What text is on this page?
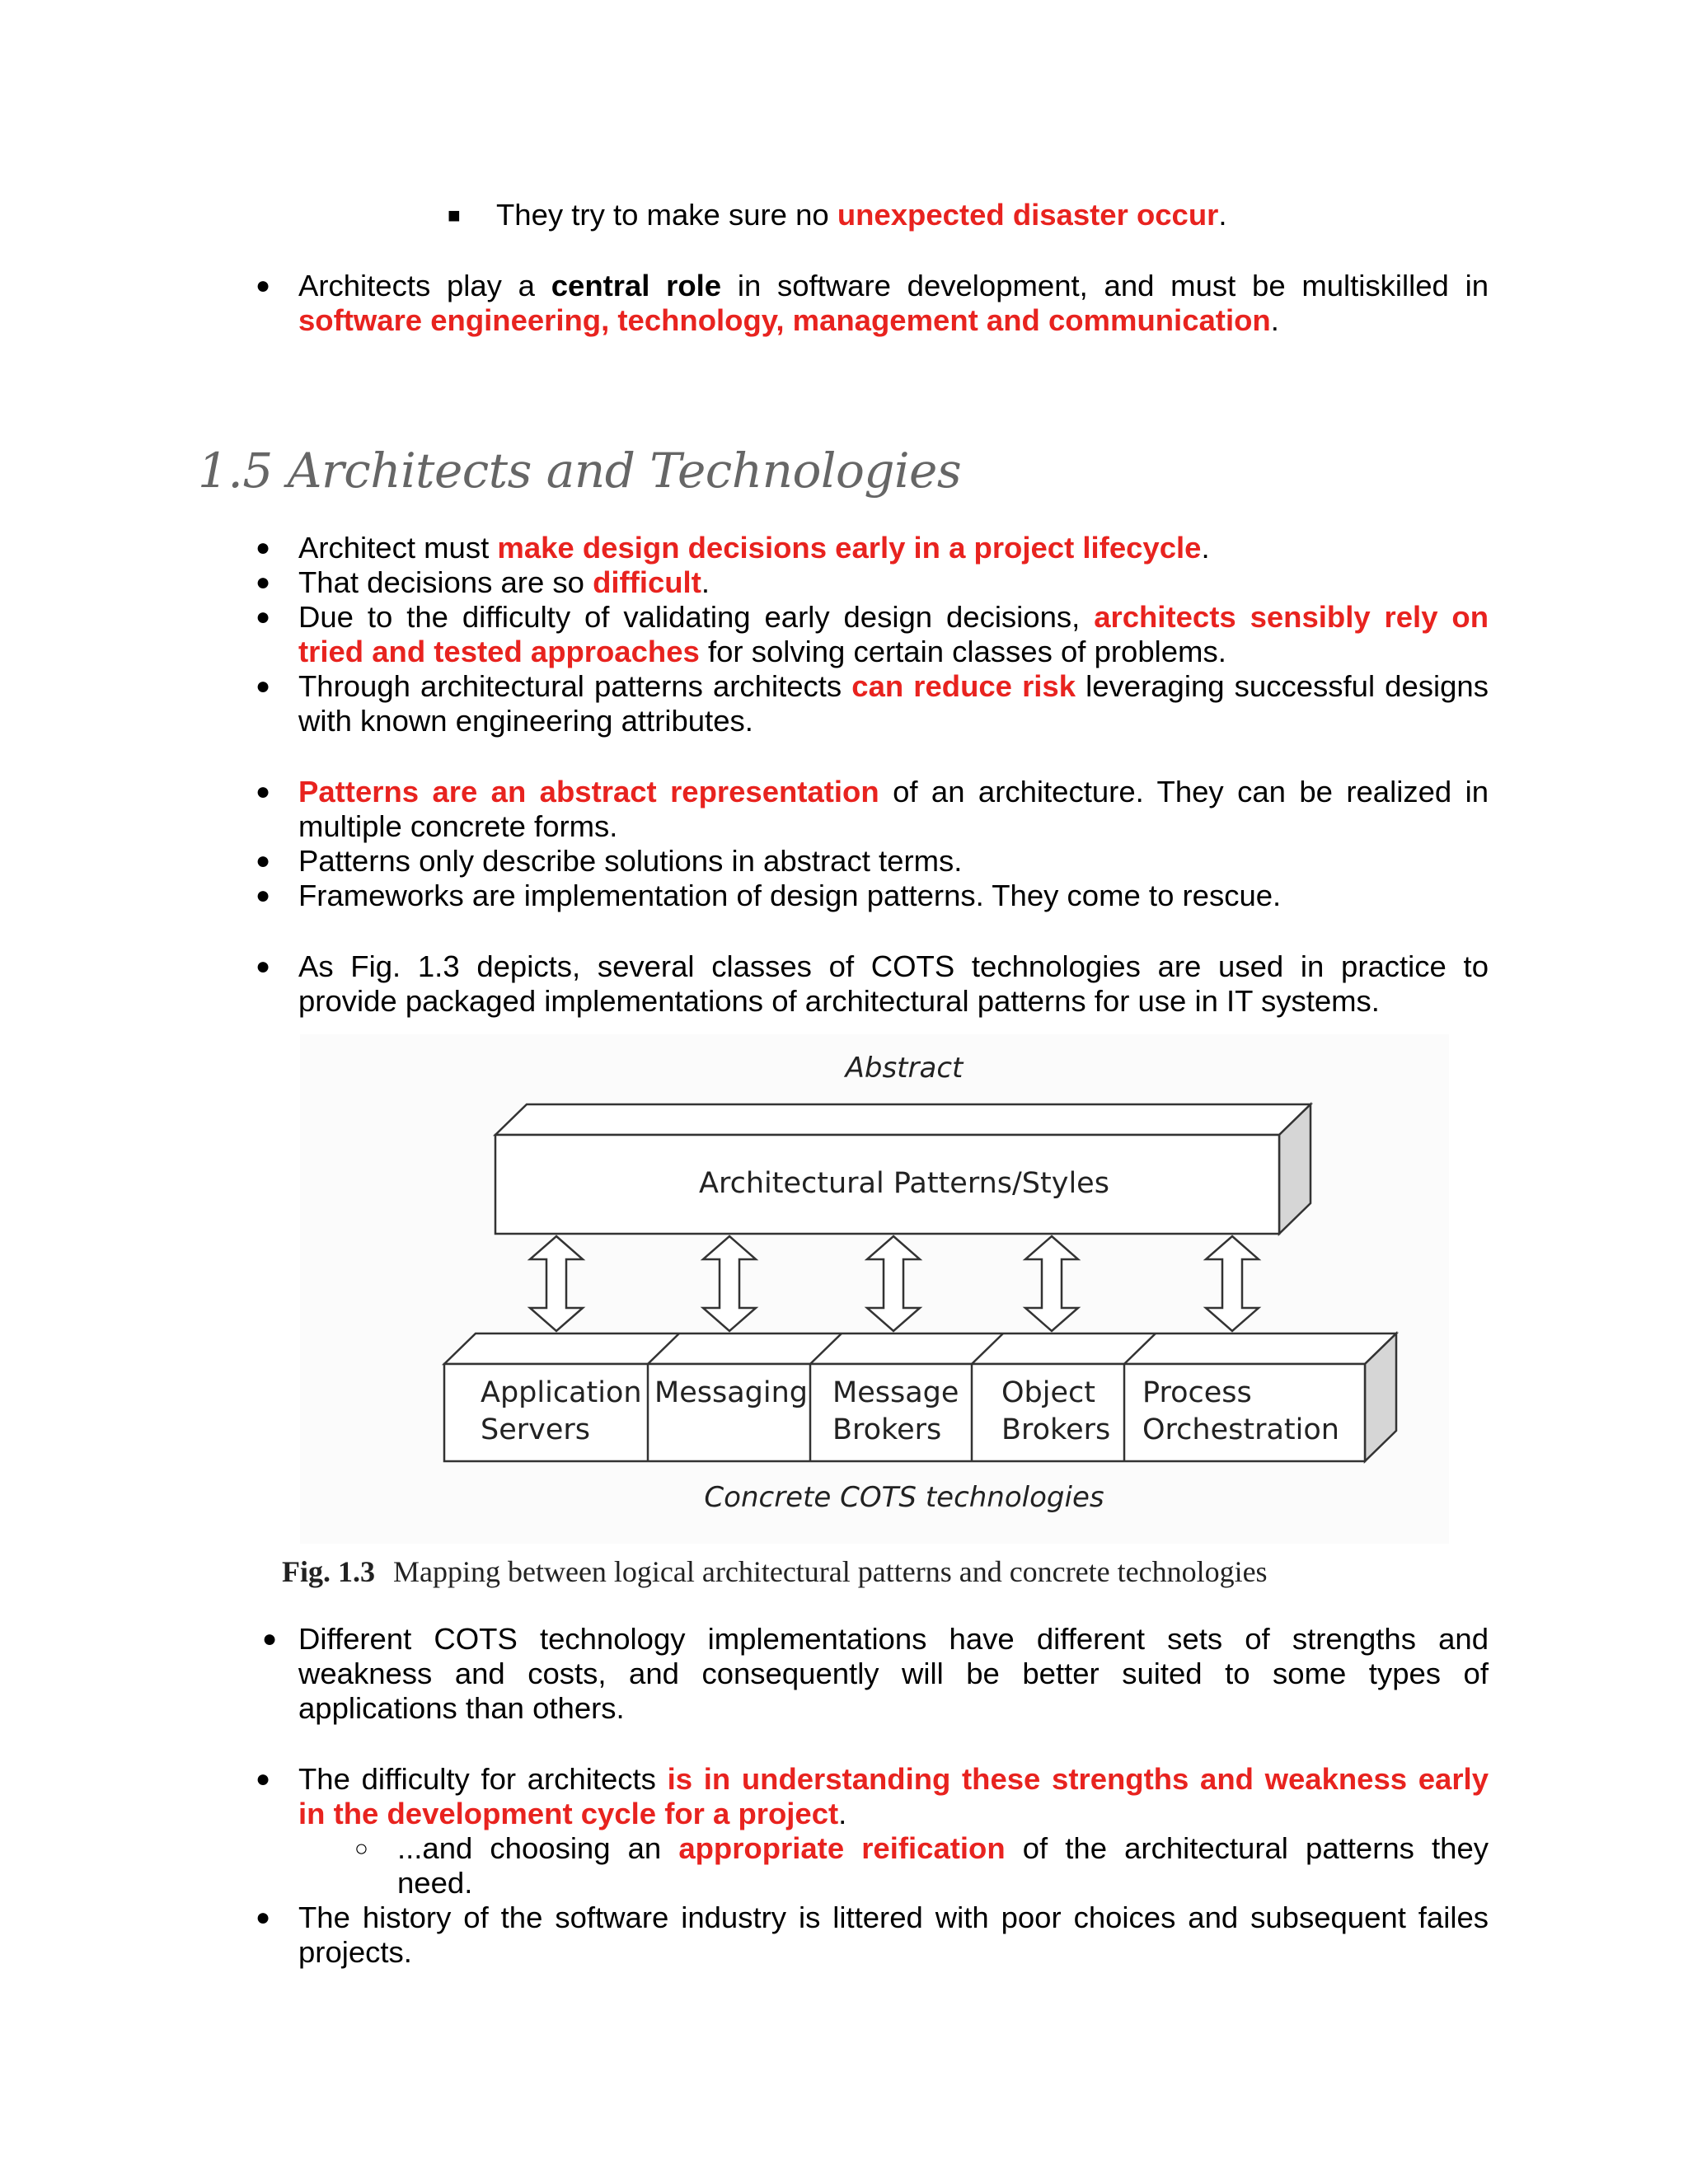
■ They try to make sure no unexpected disaster occur.
● Architects play a central role in software development, and must be multiskilled in
software engineering, technology, management and communication.
1.5 Architects and Technologies
● Architect must make design decisions early in a project lifecycle.
● That decisions are so difficult.
● Due to the difficulty of validating early design decisions, architects sensibly rely on
tried and tested approaches for solving certain classes of problems.
● Through architectural patterns architects can reduce risk leveraging successful designs
with known engineering attributes.
● Patterns are an abstract representation of an architecture. They can be realized in
multiple concrete forms.
● Patterns only describe solutions in abstract terms.
● Frameworks are implementation of design patterns. They come to rescue.
● As Fig. 1.3 depicts, several classes of COTS technologies are used in practice to
provide packaged implementations of architectural patterns for use in IT systems.
Abstract
Architectural Patterns/Styles
Application
Servers
Messaging Message
Brokers
Object
Brokers
Process
Orchestration
Concrete COTS technologies
Fig. 1.3 Mapping between logical architectural patterns and concrete technologies
● Different COTS technology implementations have different sets of strengths and
weakness and costs, and consequently will be better suited to some types of
applications than others.
● The difficulty for architects is in understanding these strengths and weakness early
in the development cycle for a project.
○ ...and choosing an appropriate reification of the architectural patterns they
need.
● The history of the software industry is littered with poor choices and subsequent failes
projects.
